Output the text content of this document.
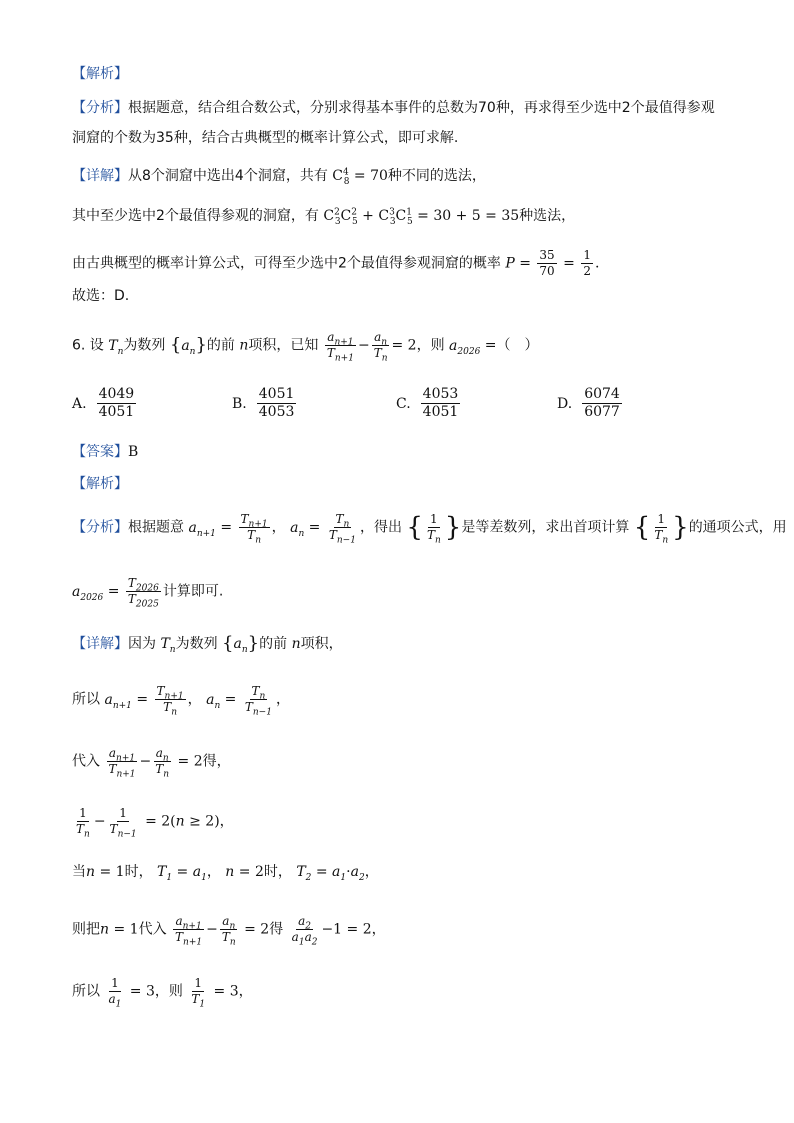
【解析】
【分析】根据题意，结合组合数公式，分别求得基本事件的总数为70种，再求得至少选中2个最值得参观
洞窟的个数为35种，结合古典概型的概率计算公式，即可求解.
【详解】从8个洞窟中选出4个洞窟，共有 $C^4_8 = 70$种不同的选法，
其中至少选中2个最值得参观的洞窟，有 $C^2_3C^2_5 + C^3_3C^1_5 = 30 + 5 = 35$种选法，
由古典概型的概率计算公式，可得至少选中2个最值得参观洞窟的概率 $P = \frac{35}{70} = \frac{1}{2}$ .
故选：D.
6. 设 $T_n$为数列 $\{a_n\}$的前 n项积，已知 $\frac{a_{n+1}}{T_{n+1}} - \frac{a_n}{T_n} = 2$，则 $a_{2026}$ =（　）
A. $\frac{4049}{4051}$	B. $\frac{4051}{4053}$	C. $\frac{4053}{4051}$	D. $\frac{6074}{6077}$
【答案】B
【解析】
【分析】根据题意 $a_{n+1} = \frac{T_{n+1}}{T_n}$ ， $a_n = \frac{T_n}{T_{n-1}}$ ，得出 { $\frac{1}{T_n}$ }是等差数列，求出首项计算 { $\frac{1}{T_n}$ }的通项公式，用
$a_{2026} = \frac{T_{2026}}{T_{2025}}$ 计算即可.
【详解】因为 $T_n$为数列 $\{a_n\}$的前 n项积，
所以 $a_{n+1} = \frac{T_{n+1}}{T_n}$ ， $a_n = \frac{T_n}{T_{n-1}}$ ，
代入 $\frac{a_{n+1}}{T_{n+1}} - \frac{a_n}{T_n} = 2$得，
$\frac{1}{T_n} - \frac{1}{T_{n-1}} = 2(n \ge 2)$，
当n = 1时， $T_1 = a_1$， n = 2时， $T_2 = a_1\cdot a_2$，
则把n = 1代入 $\frac{a_{n+1}}{T_{n+1}} - \frac{a_n}{T_n} = 2$得 $\frac{a_2}{a_1a_2} -1 = 2$，
所以 $\frac{1}{a_1} = 3$，则 $\frac{1}{T_1} = 3$，
